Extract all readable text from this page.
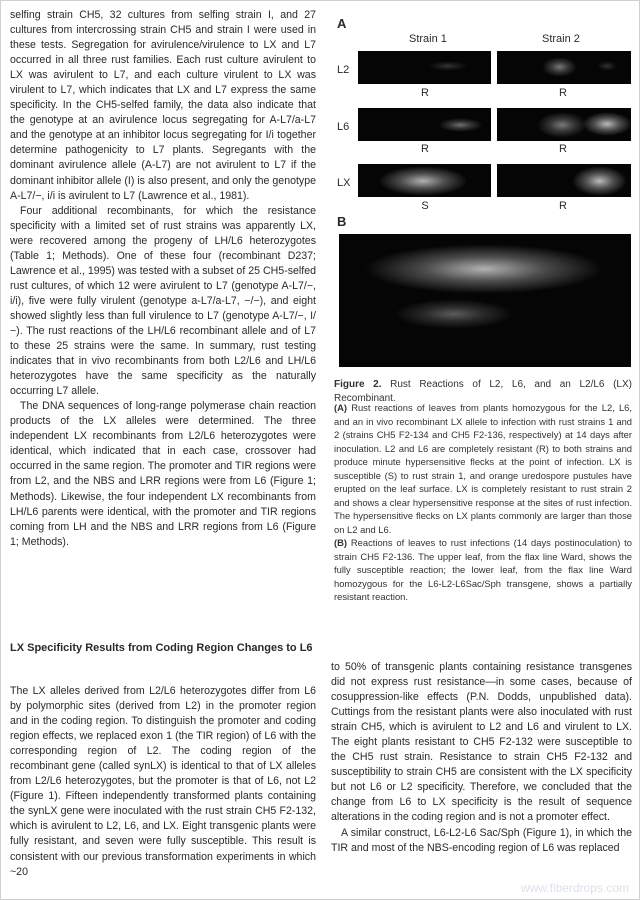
selfing strain CH5, 32 cultures from selfing strain I, and 27 cultures from intercrossing strain CH5 and strain I were used in these tests. Segregation for avirulence/virulence to LX and L7 occurred in all three rust families. Each rust culture avirulent to LX was avirulent to L7, and each culture virulent to LX was virulent to L7, which indicates that LX and L7 express the same specificity. In the CH5-selfed family, the data also indicate that the genotype at an avirulence locus segregating for A-L7/a-L7 and the genotype at an inhibitor locus segregating for I/i together determine pathogenicity to L7 plants. Segregants with the dominant avirulence allele (A-L7) are not avirulent to L7 if the dominant inhibitor allele (I) is also present, and only the genotype A-L7/−, i/i is avirulent to L7 (Lawrence et al., 1981).

Four additional recombinants, for which the resistance specificity with a limited set of rust strains was apparently LX, were recovered among the progeny of LH/L6 heterozygotes (Table 1; Methods). One of these four (recombinant D237; Lawrence et al., 1995) was tested with a subset of 25 CH5-selfed rust cultures, of which 12 were avirulent to L7 (genotype A-L7/−, i/i), five were fully virulent (genotype a-L7/a-L7, −/−), and eight showed slightly less than full virulence to L7 (genotype A-L7/−, I/−). The rust reactions of the LH/L6 recombinant allele and of L7 to these 25 strains were the same. In summary, rust testing indicates that in vivo recombinants from both L2/L6 and LH/L6 heterozygotes have the same specificity as the naturally occurring L7 allele.

The DNA sequences of long-range polymerase chain reaction products of the LX alleles were determined. The three independent LX recombinants from L2/L6 heterozygotes were identical, which indicated that in each case, crossover had occurred in the same region. The promoter and TIR regions were from L2, and the NBS and LRR regions were from L6 (Figure 1; Methods). Likewise, the four independent LX recombinants from LH/L6 parents were identical, with the promoter and TIR regions coming from LH and the NBS and LRR regions from L6 (Figure 1; Methods).

LX Specificity Results from Coding Region Changes to L6

The LX alleles derived from L2/L6 heterozygotes differ from L6 by polymorphic sites (derived from L2) in the promoter region and in the coding region. To distinguish the promoter and coding region effects, we replaced exon 1 (the TIR region) of L6 with the corresponding region of L2. The coding region of the recombinant gene (called synLX) is identical to that of LX alleles from L2/L6 heterozygotes, but the promoter is that of L6, not L2 (Figure 1). Fifteen independently transformed plants containing the synLX gene were inoculated with the rust strain CH5 F2-132, which is avirulent to L2, L6, and LX. Eight transgenic plants were fully resistant, and seven were fully susceptible. This result is consistent with our previous transformation experiments in which ~20

A
Strain 1	Strain 2
L2
R	R
L6
R	R
LX
S	R
B
Figure 2. Rust Reactions of L2, L6, and an L2/L6 (LX) Recombinant.

(A) Rust reactions of leaves from plants homozygous for the L2, L6, and an in vivo recombinant LX allele to infection with rust strains 1 and 2 (strains CH5 F2-134 and CH5 F2-136, respectively) at 14 days after inoculation. L2 and L6 are completely resistant (R) to both strains and produce minute hypersensitive flecks at the point of infection. LX is susceptible (S) to rust strain 1, and orange uredospore pustules have erupted on the leaf surface. LX is completely resistant to rust strain 2 and shows a clear hypersensitive response at the sites of rust infection. The hypersensitive flecks on LX plants commonly are larger than those on L2 and L6.

(B) Reactions of leaves to rust infections (14 days postinoculation) to strain CH5 F2-136. The upper leaf, from the flax line Ward, shows the fully susceptible reaction; the lower leaf, from the flax line Ward homozygous for the L6-L2-L6Sac/Sph transgene, shows a partially resistant reaction.

to 50% of transgenic plants containing resistance transgenes did not express rust resistance—in some cases, because of cosuppression-like effects (P.N. Dodds, unpublished data). Cuttings from the resistant plants were also inoculated with rust strain CH5, which is avirulent to L2 and L6 and virulent to LX. The eight plants resistant to CH5 F2-132 were susceptible to the CH5 rust strain. Resistance to strain CH5 F2-132 and susceptibility to strain CH5 are consistent with the LX specificity but not L6 or L2 specificity. Therefore, we concluded that the change from L6 to LX specificity is the result of sequence alterations in the coding region and is not a promoter effect.

A similar construct, L6-L2-L6 Sac/Sph (Figure 1), in which the TIR and most of the NBS-encoding region of L6 was replaced

www.fiberdrops.com
